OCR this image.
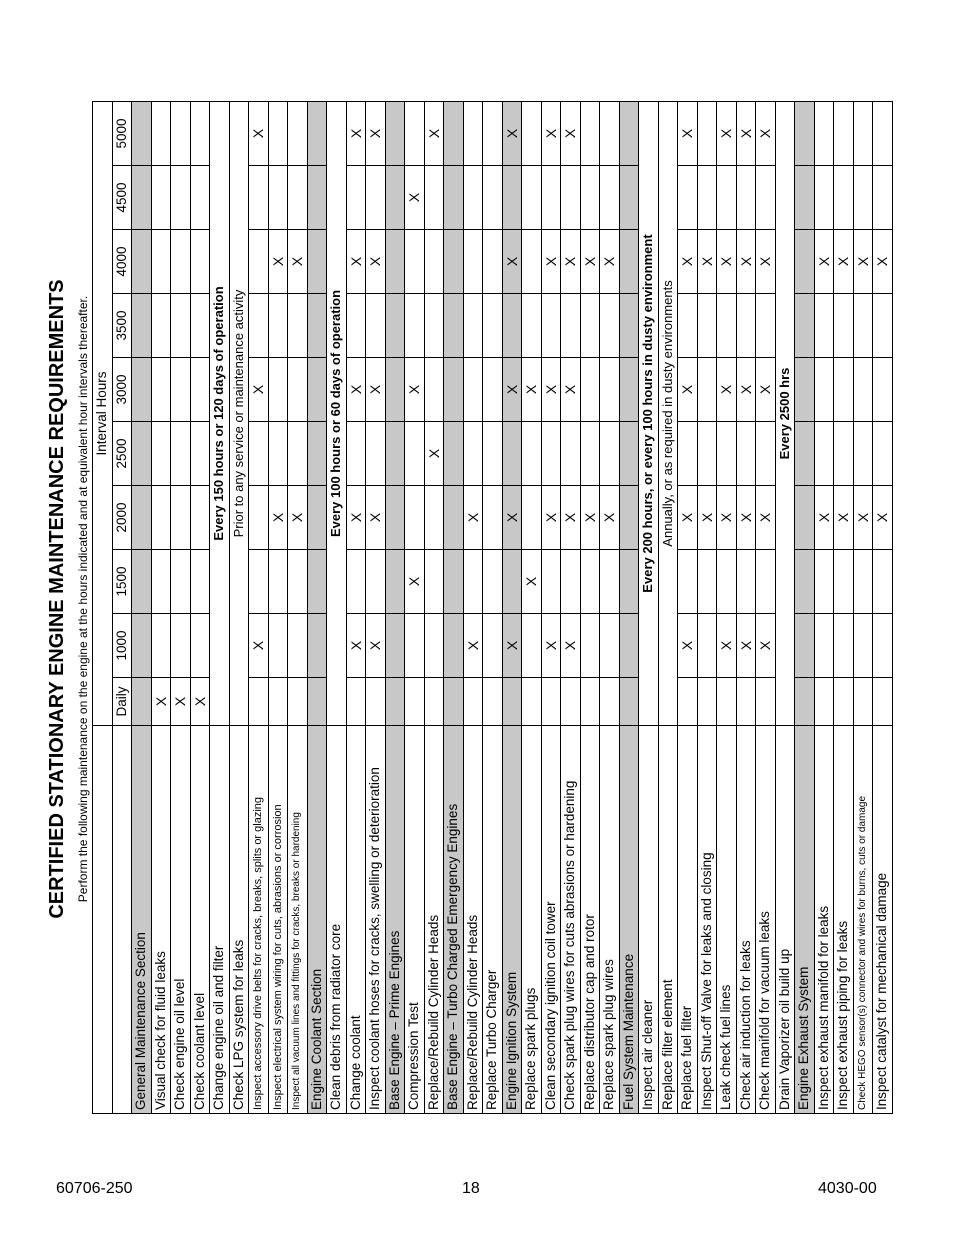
CERTIFIED STATIONARY ENGINE MAINTENANCE REQUIREMENTS Perform the following maintenance on the engine at the hours indicated and at equivalent hour intervals thereafter.
	Interval Hours									
	Daily	1000	1500	2000	2500	3000	3500	4000	4500	5000
General Maintenance Section										
Visual check for fluid leaks	X									
Check engine oil level	X									
Check coolant level	X									
Change engine oil and filter	Every 150 hours or 120 days of operation									
Check LPG system for leaks	Prior to any service or maintenance activity									
Inspect accessory drive belts for cracks, breaks, splits or glazing		X				X				X
Inspect electrical system wiring for cuts, abrasions or corrosion				X				X		
Inspect all vacuum lines and fittings for cracks, breaks or hardening				X				X		
Engine Coolant Section										
Clean debris from radiator core	Every 100 hours or 60 days of operation									
Change coolant		X		X		X		X		X
Inspect coolant hoses for cracks, swelling or deterioration		X		X		X		X		X
Base Engine – Prime Engines										
Compression Test			X			X			X	
Replace/Rebuild Cylinder Heads					X					X
Base Engine – Turbo Charged Emergency Engines										
Replace/Rebuild Cylinder Heads		X		X						
Replace Turbo Charger										
Engine Ignition System		X		X		X		X		X
Replace spark plugs			X			X				
Clean secondary ignition coil tower		X		X		X		X		X
Check spark plug wires for cuts abrasions or hardening		X		X		X		X		X
Replace distributor cap and rotor				X				X		
Replace spark plug wires				X				X		
Fuel System Maintenance										
Inspect air cleaner	Every 200 hours, or every 100 hours in dusty environment									
Replace filter element	Annually, or as required in dusty environments									
Replace fuel filter		X		X		X		X		X
Inspect Shut-off Valve for leaks and closing				X				X		
Leak check fuel lines		X		X		X		X		X
Check air induction for leaks		X		X		X		X		X
Check manifold for vacuum leaks		X		X		X		X		X
Drain Vaporizer oil build up	Every 2500 hrs									
Engine Exhaust System										
Inspect exhaust manifold for leaks				X				X		
Inspect exhaust piping for leaks				X				X		
Check HEGO sensor(s) connector and wires for burns, cuts or damage				X				X		
Inspect catalyst for mechanical damage				X				X		
60706-250	18	4030-00
